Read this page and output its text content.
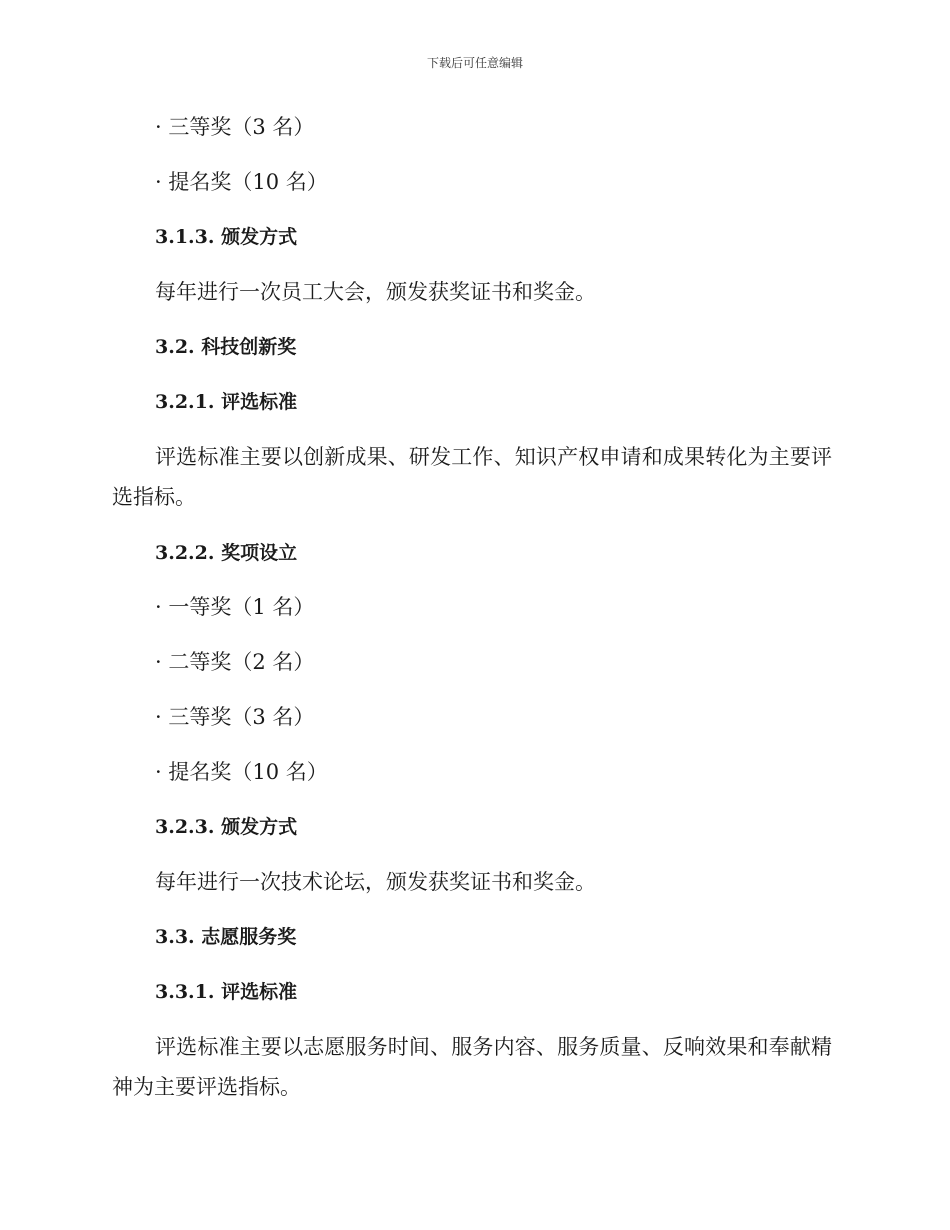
下载后可任意编辑
· 三等奖（3 名）
· 提名奖（10 名）
3.1.3. 颁发方式
每年进行一次员工大会，颁发获奖证书和奖金。
3.2. 科技创新奖
3.2.1. 评选标准
评选标准主要以创新成果、研发工作、知识产权申请和成果转化为主要评选指标。
3.2.2. 奖项设立
· 一等奖（1 名）
· 二等奖（2 名）
· 三等奖（3 名）
· 提名奖（10 名）
3.2.3. 颁发方式
每年进行一次技术论坛，颁发获奖证书和奖金。
3.3. 志愿服务奖
3.3.1. 评选标准
评选标准主要以志愿服务时间、服务内容、服务质量、反响效果和奉献精神为主要评选指标。
